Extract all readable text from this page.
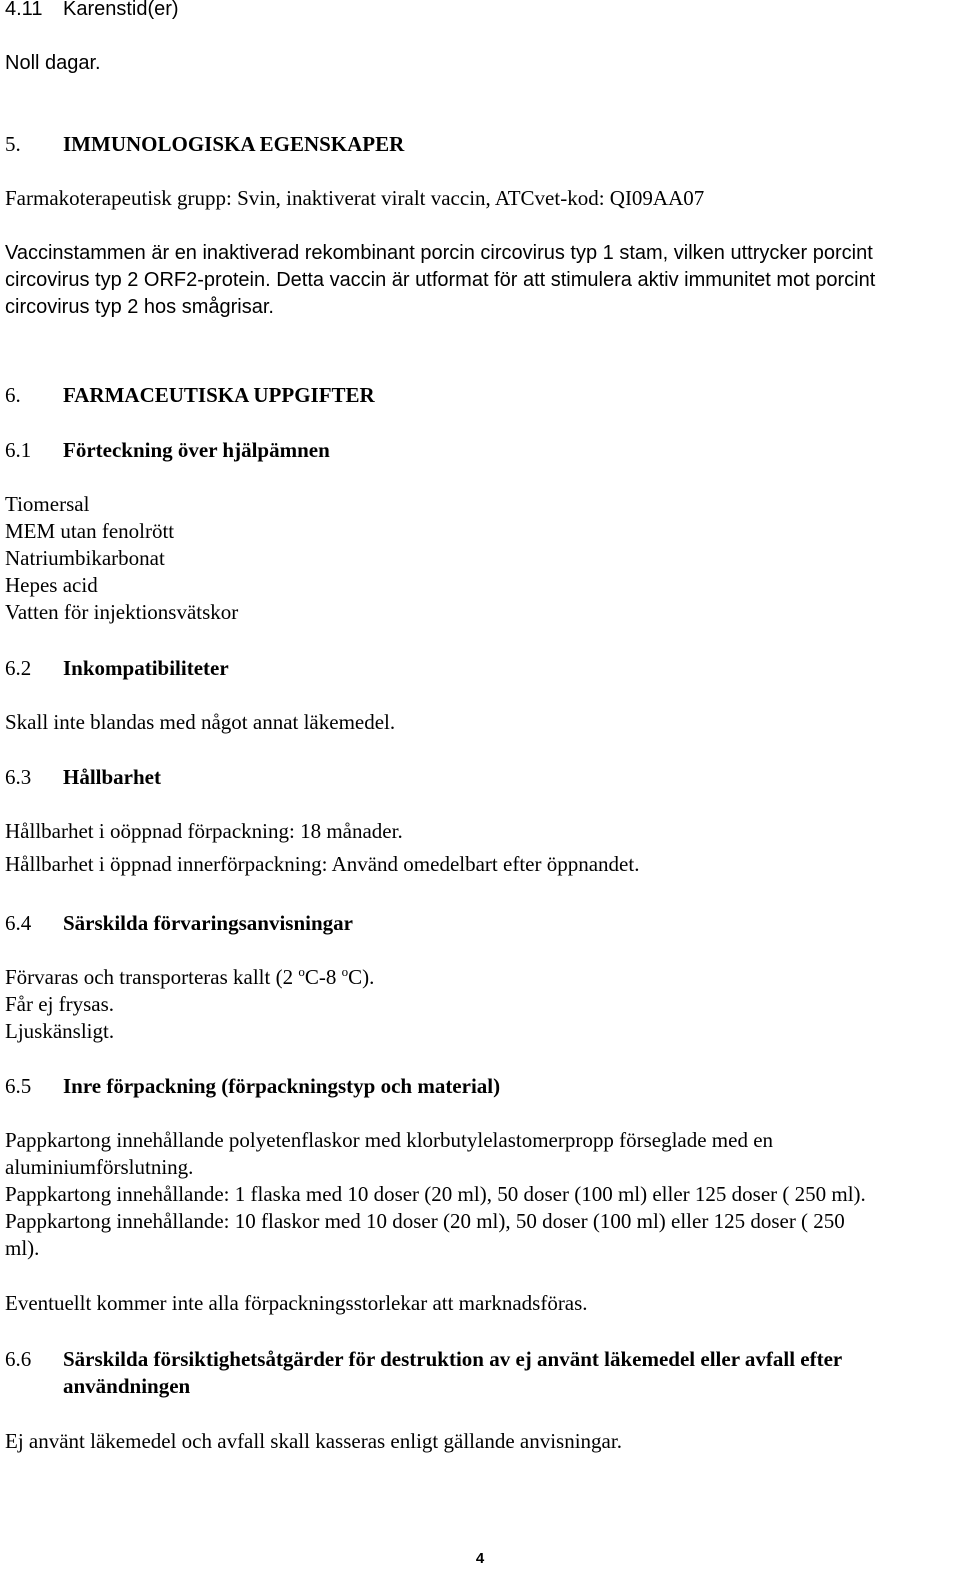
4.11 Karenstid(er)
Noll dagar.
5. IMMUNOLOGISKA EGENSKAPER
Farmakoterapeutisk grupp: Svin, inaktiverat viralt vaccin, ATCvet-kod: QI09AA07
Vaccinstammen är en inaktiverad rekombinant porcin circovirus typ 1 stam, vilken uttrycker porcint
circovirus typ 2 ORF2-protein. Detta vaccin är utformat för att stimulera aktiv immunitet mot porcint
circovirus typ 2 hos smågrisar.
6. FARMACEUTISKA UPPGIFTER
6.1 Förteckning över hjälpämnen
Tiomersal
MEM utan fenolrött
Natriumbikarbonat
Hepes acid
Vatten för injektionsvätskor
6.2 Inkompatibiliteter
Skall inte blandas med något annat läkemedel.
6.3 Hållbarhet
Hållbarhet i oöppnad förpackning: 18 månader.
Hållbarhet i öppnad innerförpackning: Använd omedelbart efter öppnandet.
6.4 Särskilda förvaringsanvisningar
Förvaras och transporteras kallt (2 $^o$C-8 $^o$C).
Får ej frysas.
Ljuskänsligt.
6.5 Inre förpackning (förpackningstyp och material)
Pappkartong innehållande polyetenflaskor med klorbutylelastomerpropp förseglade med en
aluminiumförslutning.
Pappkartong innehållande: 1 flaska med 10 doser (20 ml), 50 doser (100 ml) eller 125 doser ( 250 ml).
Pappkartong innehållande: 10 flaskor med 10 doser (20 ml), 50 doser (100 ml) eller 125 doser ( 250
ml).
Eventuellt kommer inte alla förpackningsstorlekar att marknadsföras.
6.6 Särskilda försiktighetsåtgärder för destruktion av ej använt läkemedel eller avfall efter
användningen
Ej använt läkemedel och avfall skall kasseras enligt gällande anvisningar.
4
